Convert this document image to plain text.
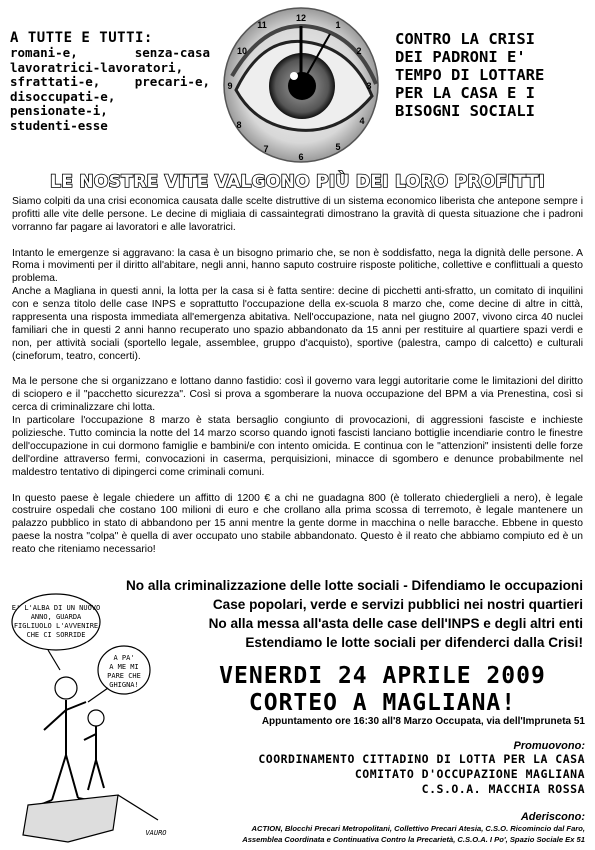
A TUTTE E TUTTI:
romani-e, senza-casa
lavoratrici-lavoratori,
sfrattati-e, precari-e,
disoccupati-e,
pensionate-i,
studenti-esse
12
1
2
3
4
5
6
7
8
9
10
11
CONTRO LA CRISI
DEI PADRONI E'
TEMPO DI LOTTARE
PER LA CASA E I
BISOGNI SOCIALI
LE NOSTRE VITE VALGONO PIÙ DEI LORO PROFITTI

Siamo colpiti da una crisi economica causata dalle scelte distruttive di un sistema economico liberista che antepone sempre i profitti alle vite delle persone. Le decine di migliaia di cassaintegrati dimostrano la gravità di questa situazione che i padroni vorranno far pagare ai lavoratori e alle lavoratrici.

Intanto le emergenze si aggravano: la casa è un bisogno primario che, se non è soddisfatto, nega la dignità delle persone. A Roma i movimenti per il diritto all'abitare, negli anni, hanno saputo costruire risposte politiche, collettive e conflittuali a questo problema.

Anche a Magliana in questi anni, la lotta per la casa si è fatta sentire: decine di picchetti anti-sfratto, un comitato di inquilini con e senza titolo delle case INPS e soprattutto l'occupazione della ex-scuola 8 marzo che, come decine di altre in città, rappresenta una risposta immediata all'emergenza abitativa. Nell'occupazione, nata nel giugno 2007, vivono circa 40 nuclei familiari che in questi 2 anni hanno recuperato uno spazio abbandonato da 15 anni per restituire al quartiere spazi verdi e non, per attività sociali (sportello legale, assemblee, gruppo d'acquisto), sportive (palestra, campo di calcetto) e culturali (cineforum, teatro, concerti).

Ma le persone che si organizzano e lottano danno fastidio: così il governo vara leggi autoritarie come le limitazioni del diritto di sciopero e il "pacchetto sicurezza". Così si prova a sgomberare la nuova occupazione del BPM a via Prenestina, così si cerca di criminalizzare chi lotta.

In particolare l'occupazione 8 marzo è stata bersaglio congiunto di provocazioni, di aggressioni fasciste e inchieste poliziesche. Tutto comincia la notte del 14 marzo scorso quando ignoti fascisti lanciano bottiglie incendiarie contro le finestre dell'occupazione in cui dormono famiglie e bambini/e con intento omicida. E continua con le "attenzioni" insistenti delle forze dell'ordine attraverso fermi, convocazioni in caserma, perquisizioni, minacce di sgombero e denunce probabilmente nel maldestro tentativo di dipingerci come criminali comuni.

In questo paese è legale chiedere un affitto di 1200 € a chi ne guadagna 800 (è tollerato chiederglieli a nero), è legale costruire ospedali che costano 100 milioni di euro e che crollano alla prima scossa di terremoto, è legale mantenere un palazzo pubblico in stato di abbandono per 15 anni mentre la gente dorme in macchina o nelle baracche. Ebbene in questo paese la nostra "colpa" è quella di aver occupato uno stabile abbandonato. Questo è il reato che abbiamo compiuto ed è un reato che riteniamo necessario!

No alla criminalizzazione delle lotte sociali - Difendiamo le occupazioni
Case popolari, verde e servizi pubblici nei nostri quartieri
No alla messa all'asta delle case dell'INPS e degli altri enti
Estendiamo le lotte sociali per difenderci dalla Crisi!
E' L'ALBA DI UN NUOVO
ANNO, GUARDA
FIGLIUOLO L'AVVENIRE
CHE CI SORRIDE
A PA'
A ME MI
PARE CHE
GHIGNA!
VAURO
VENERDI 24 APRILE 2009
CORTEO A MAGLIANA!
Appuntamento ore 16:30 all'8 Marzo Occupata, via dell'Impruneta 51
Promuovono:
COORDINAMENTO CITTADINO DI LOTTA PER LA CASA
COMITATO D'OCCUPAZIONE MAGLIANA
C.S.O.A. MACCHIA ROSSA
Aderiscono:
ACTION, Blocchi Precari Metropolitani, Collettivo Precari Atesia, C.S.O. Ricomincio dal Faro,
Assemblea Coordinata e Continuativa Contro la Precarietà, C.S.O.A. I Po', Spazio Sociale Ex 51
